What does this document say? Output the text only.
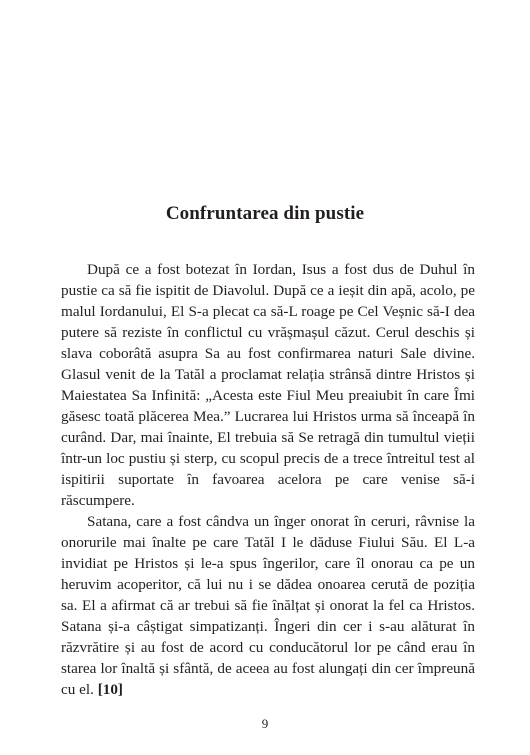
Confruntarea din pustie

După ce a fost botezat în Iordan, Isus a fost dus de Duhul în pustie ca să fie ispitit de Diavolul. După ce a ieșit din apă, acolo, pe malul Iordanului, El S-a plecat ca să-L roage pe Cel Veșnic să-I dea putere să reziste în conflictul cu vrășmașul căzut. Cerul deschis și slava coborâtă asupra Sa au fost confirmarea naturi Sale divine. Glasul venit de la Tatăl a proclamat relația strânsă dintre Hristos și Maiestatea Sa Infinită: „Acesta este Fiul Meu preaiubit în care Îmi găsesc toată plăcerea Mea.” Lucrarea lui Hristos urma să înceapă în curând. Dar, mai înainte, El trebuia să Se retragă din tumultul vieții într-un loc pustiu și sterp, cu scopul precis de a trece întreitul test al ispitirii suportate în favoarea acelora pe care venise să-i răscumpere.

Satana, care a fost cândva un înger onorat în ceruri, râvnise la onorurile mai înalte pe care Tatăl I le dăduse Fiului Său. El L-a invidiat pe Hristos și le-a spus îngerilor, care îl onorau ca pe un heruvim acoperitor, că lui nu i se dădea onoarea cerută de poziția sa. El a afirmat că ar trebui să fie înălțat și onorat la fel ca Hristos. Satana și-a câștigat simpatizanți. Îngeri din cer i s-au alăturat în răzvrătire și au fost de acord cu conducătorul lor pe când erau în starea lor înaltă și sfântă, de aceea au fost alungați din cer împreună cu el. [10]

9
